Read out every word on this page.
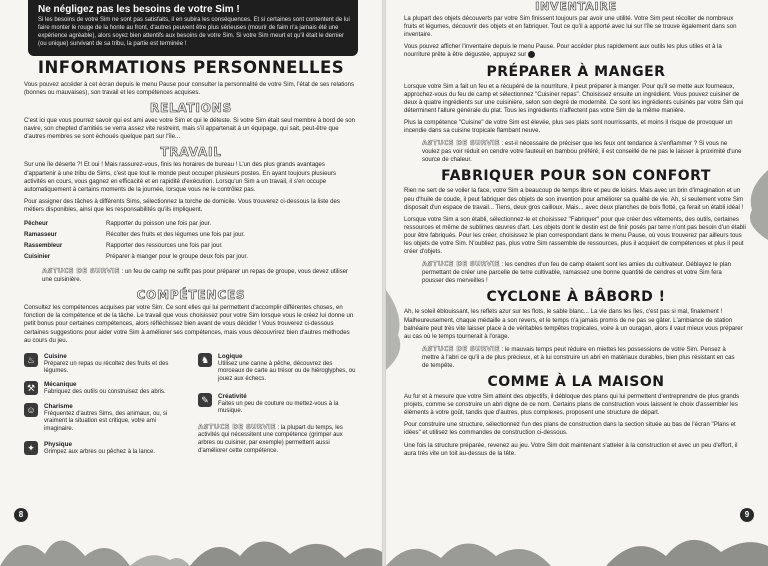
Ne négligez pas les besoins de votre Sim !

Si les besoins de votre Sim ne sont pas satisfaits, il en subira les conséquences. Et si certaines sont contentent de lui faire monter le rouge de la honte au front, d'autres peuvent être plus sérieuses (mourir de faim n'a jamais été une expérience agréable), alors soyez bien attentifs aux besoins de votre Sim. Si votre Sim meurt et qu'il était le dernier (ou unique) survivant de sa tribu, la partie est terminée !

INFORMATIONS PERSONNELLES

Vous pouvez accéder à cet écran depuis le menu Pause pour consulter la personnalité de votre Sim, l'état de ses relations (bonnes ou mauvaises), son travail et les compétences acquises.

RELATIONS

C'est ici que vous pourrez savoir qui est ami avec votre Sim et qui le déteste. Si votre Sim était seul membre à bord de son navire, son chepted d'amitiés se verra assez vite restreint, mais s'il appartenait à un équipage, qui sait, peut-être que d'autres membres se sont échoués quelque part sur l'île...

TRAVAIL

Sur une île déserte ?! Et oui ! Mais rassurez-vous, finis les horaires de bureau ! L'un des plus grands avantages d'appartenir à une tribu de Sims, c'est que tout le monde peut occuper plusieurs postes. En ayant toujours plusieurs activités en cours, vous gagnez en efficacité et en rapidité d'exécution. Lorsqu'un Sim a un travail, il s'en occupe automatiquement à certains moments de la journée, lorsque vous ne le contrôlez pas.

Pour assigner des tâches à différents Sims, sélectionnez la torche de domicile. Vous trouverez ci-dessous la liste des métiers disponibles, ainsi que les responsabilités qu'ils impliquent.

Pêcheur	Rapporter du poisson une fois par jour.
Ramasseur	Récolter des fruits et des légumes une fois par jour.
Rassembleur	Rapporter des ressources une fois par jour.
Cuisinier	Préparer à manger pour le groupe deux fois par jour.

ASTUCE DE SURVIE : un feu de camp ne suffit pas pour préparer un repas de groupe, vous devez utiliser une cuisinière.

COMPÉTENCES

Consultez les compétences acquises par votre Sim. Ce sont elles qui lui permettent d'accomplir différentes choses, en fonction de la compétence et de la tâche. Le travail que vous choisissez pour votre Sim lorsque vous le créez lui donne un petit bonus pour certaines compétences, alors réfléchissez bien avant de vous décider ! Vous trouverez ci-dessous certaines suggestions pour aider votre Sim à améliorer ses compétences, mais vous découvrirez bien d'autres méthodes au cours du jeu.

♨	Cuisine
Préparez un repas ou récoltez des fruits et des légumes.
⚒	Mécanique
Fabriquez des outils ou construisez des abris.
☺	Charisme
Fréquentez d'autres Sims, des animaux, ou, si vraiment la situation est critique, votre ami imaginaire.
✦	Physique
Grimpez aux arbres ou pêchez à la lance.
♞	Logique
Utilisez une canne à pêche, découvrez des morceaux de carte au trésor ou de hiéroglyphes, ou jouez aux échecs.
✎	Créativité
Faites un peu de couture ou mettez-vous à la musique.
ASTUCE DE SURVIE : la plupart du temps, les activités qui nécessitent une compétence (grimper aux arbres ou cuisiner, par exemple) permettent aussi d'améliorer cette compétence.
8
INVENTAIRE

La plupart des objets découverts par votre Sim finissent toujours par avoir une utilité. Votre Sim peut récolter de nombreux fruits et légumes, découvrir des objets et en fabriquer. Tout ce qu'il a apporté avec lui sur l'île se trouve également dans son inventaire.

Vous pouvez afficher l'inventaire depuis le menu Pause. Pour accéder plus rapidement aux outils les plus utiles et à la nourriture prête à être dégustée, appuyez sur

PRÉPARER À MANGER

Lorsque votre Sim a fait un feu et a récupéré de la nourriture, il peut préparer à manger. Pour qu'il se mette aux fourneaux, approchez-vous du feu de camp et sélectionnez "Cuisiner repas". Choisissez ensuite un ingrédient. Vous pouvez cuisiner de deux à quatre ingrédients sur une cuisinière, selon son degré de modernité. Ce sont les ingrédients cuisinés par votre Sim qui déterminent l'allure générale du plat. Tous les ingrédients n'affectent pas votre Sim de la même manière.

Plus la compétence "Cuisine" de votre Sim est élevée, plus ses plats sont nourrissants, et moins il risque de provoquer un incendie dans sa cuisine tropicale flambant neuve.

ASTUCE DE SURVIE : est-il nécessaire de préciser que les feux ont tendance à s'enflammer ? Si vous ne voulez pas voir réduit en cendre votre fauteuil en bambou préféré, il est conseillé de ne pas le laisser à proximité d'une source de chaleur.

FABRIQUER POUR SON CONFORT

Rien ne sert de se voiler la face, votre Sim a beaucoup de temps libre et peu de loisirs. Mais avec un brin d'imagination et un peu d'huile de coude, il peut fabriquer des objets de son invention pour améliorer sa qualité de vie. Ah, si seulement votre Sim disposait d'un espace de travail... Tiens, deux gros cailloux. Mais... avec deux planches de bois flotté, ça ferait un établi idéal !

Lorsque votre Sim a son établi, sélectionnez-le et choisissez "Fabriquer" pour que créer des vêtements, des outils, certaines ressources et même de sublimes œuvres d'art. Les objets dont le destin est de finir posés par terre n'ont pas besoin d'un établi pour être fabriqués. Pour les créer, choisissez le plan correspondant dans le menu Pause, où vous trouverez par ailleurs tous les objets de votre Sim. N'oubliez pas, plus votre Sim rassemble de ressources, plus il acquiert de compétences et plus il peut créer d'objets.

ASTUCE DE SURVIE : les cendres d'un feu de camp étaient sont les amies du cultivateur. Déblayez le plan permettant de créer une parcelle de terre cultivable, ramassez une bonne quantité de cendres et votre Sim fera pousser des merveilles !

CYCLONE À BÂBORD !

Ah, le soleil éblouissant, les reflets azur sur les flots, le sable blanc... La vie dans les îles, c'est pas si mal, finalement ! Malheureusement, chaque médaille a son revers, et le temps n'a jamais promis de ne pas se gâter. L'ambiance de station balnéaire peut très vite laisser place à de véritables tempêtes tropicales, voire à un ouragan, alors il vaut mieux vous préparer au cas où le temps tournerait à l'orage.

ASTUCE DE SURVIE : le mauvais temps peut réduire en miettes les possessions de votre Sim. Pensez à mettre à l'abri ce qu'il a de plus précieux, et à lui construire un abri en matériaux durables, bien plus résistant en cas de tempête.

COMME À LA MAISON

Au fur et à mesure que votre Sim atteint des objectifs, il débloque des plans qui lui permettent d'entreprendre de plus grands projets, comme se construire un abri digne de ce nom. Certains plans de construction vous laissent le choix d'assembler les éléments à votre goût, tandis que d'autres, plus complexes, proposent une structure de départ.

Pour construire une structure, sélectionnez l'un des plans de construction dans la section située au bas de l'écran "Plans et idées" et utilisez les commandes de construction ci-dessous.

Une fois la structure préparée, revenez au jeu. Votre Sim doit maintenant s'atteler à la construction et avec un peu d'effort, il aura très vite un toit au-dessus de la tête.

9
